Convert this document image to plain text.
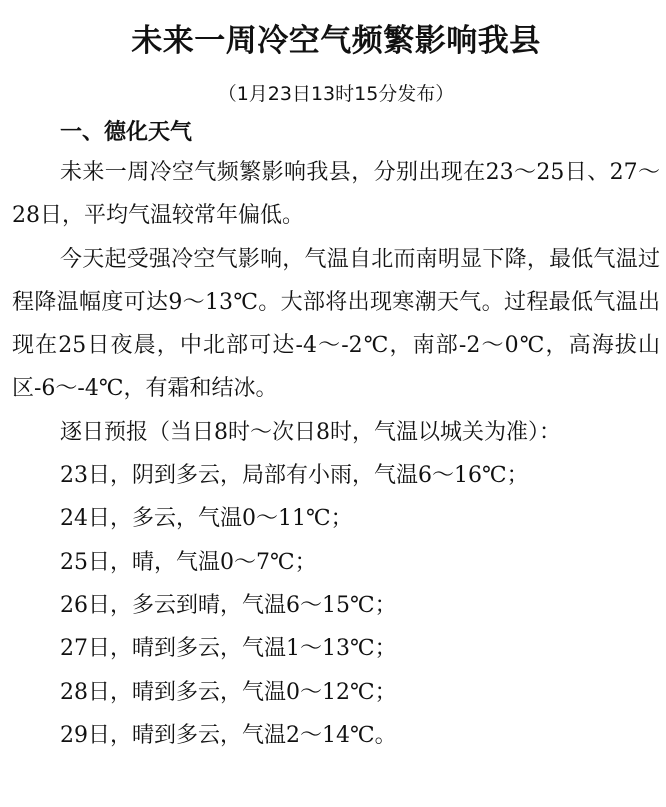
未来一周冷空气频繁影响我县
（1月23日13时15分发布）
一、德化天气

未来一周冷空气频繁影响我县，分别出现在23～25日、27～28日，平均气温较常年偏低。

今天起受强冷空气影响，气温自北而南明显下降，最低气温过程降温幅度可达9～13℃。大部将出现寒潮天气。过程最低气温出现在25日夜晨，中北部可达-4～-2℃，南部-2～0℃，高海拔山区-6～-4℃，有霜和结冰。

逐日预报（当日8时～次日8时，气温以城关为准）：

23日，阴到多云，局部有小雨，气温6～16℃；
24日，多云，气温0～11℃；
25日，晴，气温0～7℃；
26日，多云到晴，气温6～15℃；
27日，晴到多云，气温1～13℃；
28日，晴到多云，气温0～12℃；
29日，晴到多云，气温2～14℃。
